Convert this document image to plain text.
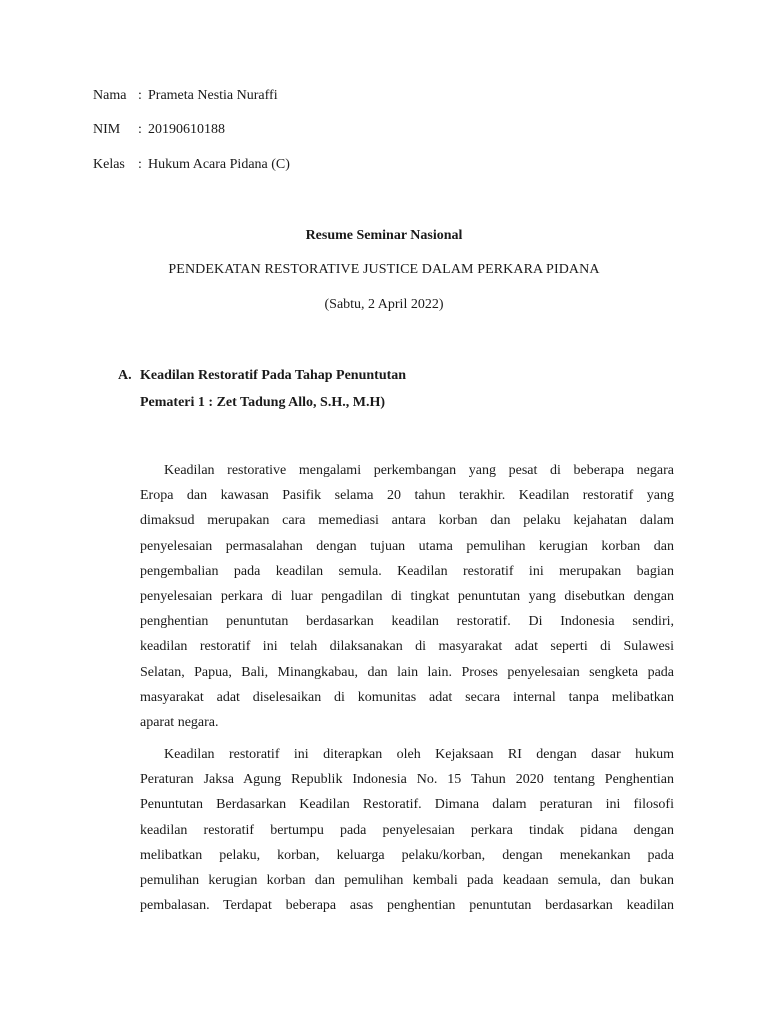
Nama : Prameta Nestia Nuraffi
NIM : 20190610188
Kelas : Hukum Acara Pidana (C)
Resume Seminar Nasional
PENDEKATAN RESTORATIVE JUSTICE DALAM PERKARA PIDANA
(Sabtu, 2 April 2022)
A. Keadilan Restoratif Pada Tahap Penuntutan
Pemateri 1 : Zet Tadung Allo, S.H., M.H)
Keadilan restorative mengalami perkembangan yang pesat di beberapa negara
Eropa dan kawasan Pasifik selama 20 tahun terakhir. Keadilan restoratif yang
dimaksud merupakan cara memediasi antara korban dan pelaku kejahatan dalam
penyelesaian permasalahan dengan tujuan utama pemulihan kerugian korban dan
pengembalian pada keadilan semula. Keadilan restoratif ini merupakan bagian
penyelesaian perkara di luar pengadilan di tingkat penuntutan yang disebutkan dengan
penghentian penuntutan berdasarkan keadilan restoratif. Di Indonesia sendiri,
keadilan restoratif ini telah dilaksanakan di masyarakat adat seperti di Sulawesi
Selatan, Papua, Bali, Minangkabau, dan lain lain. Proses penyelesaian sengketa pada
masyarakat adat diselesaikan di komunitas adat secara internal tanpa melibatkan
aparat negara.
Keadilan restoratif ini diterapkan oleh Kejaksaan RI dengan dasar hukum
Peraturan Jaksa Agung Republik Indonesia No. 15 Tahun 2020 tentang Penghentian
Penuntutan Berdasarkan Keadilan Restoratif. Dimana dalam peraturan ini filosofi
keadilan restoratif bertumpu pada penyelesaian perkara tindak pidana dengan
melibatkan pelaku, korban, keluarga pelaku/korban, dengan menekankan pada
pemulihan kerugian korban dan pemulihan kembali pada keadaan semula, dan bukan
pembalasan. Terdapat beberapa asas penghentian penuntutan berdasarkan keadilan
